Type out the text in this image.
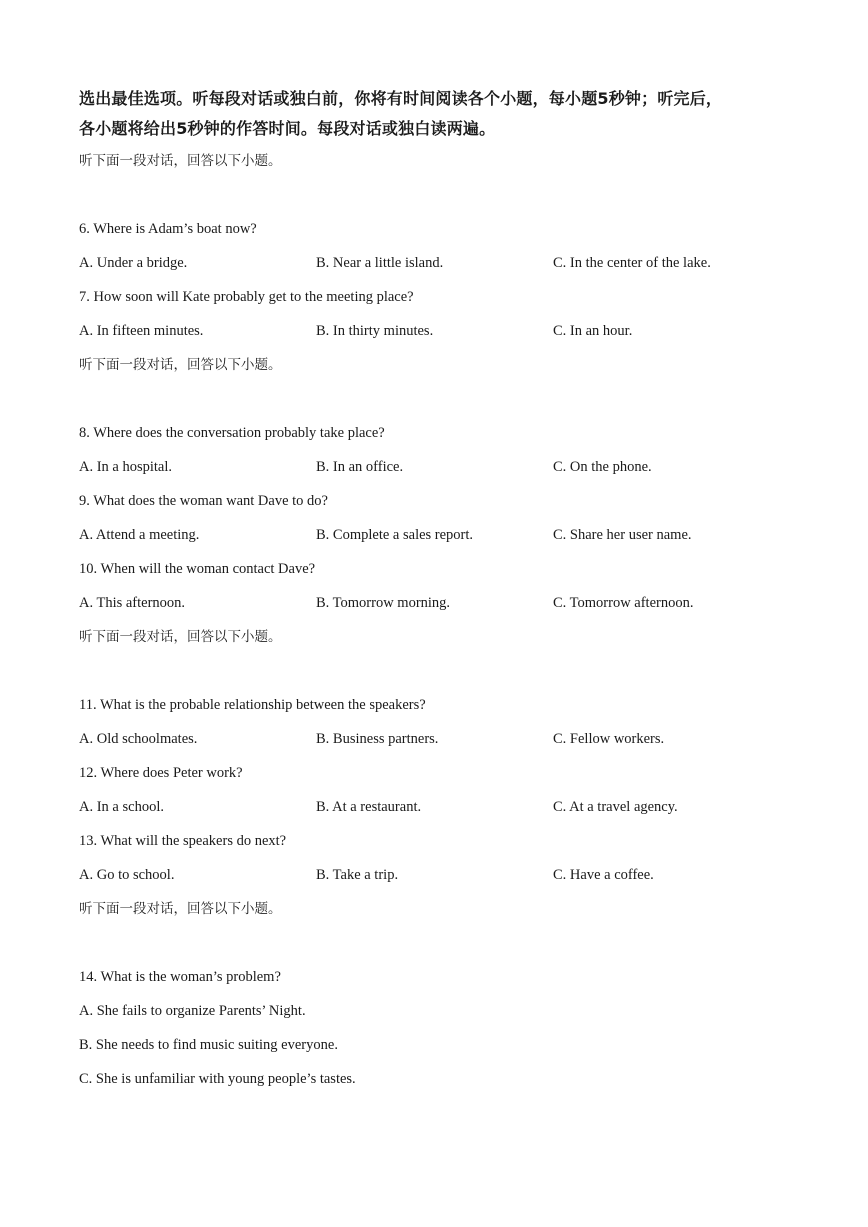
选出最佳选项。听每段对话或独白前，你将有时间阅读各个小题，每小题5秒钟；听完后，

各小题将给出5秒钟的作答时间。每段对话或独白读两遍。

听下面一段对话，回答以下小题。

6. Where is Adam’s boat now?

A. Under a bridge.	B. Near a little island.	C. In the center of the lake.

7. How soon will Kate probably get to the meeting place?

A. In fifteen minutes.	B. In thirty minutes.	C. In an hour.

听下面一段对话，回答以下小题。

8. Where does the conversation probably take place?

A. In a hospital.	B. In an office.	C. On the phone.

9. What does the woman want Dave to do?

A. Attend a meeting.	B. Complete a sales report.	C. Share her user name.

10. When will the woman contact Dave?

A. This afternoon.	B. Tomorrow morning.	C. Tomorrow afternoon.

听下面一段对话，回答以下小题。

11. What is the probable relationship between the speakers?

A. Old schoolmates.	B. Business partners.	C. Fellow workers.

12. Where does Peter work?

A. In a school.	B. At a restaurant.	C. At a travel agency.

13. What will the speakers do next?

A. Go to school.	B. Take a trip.	C. Have a coffee.

听下面一段对话，回答以下小题。

14. What is the woman’s problem?

A. She fails to organize Parents’ Night.

B. She needs to find music suiting everyone.

C. She is unfamiliar with young people’s tastes.
